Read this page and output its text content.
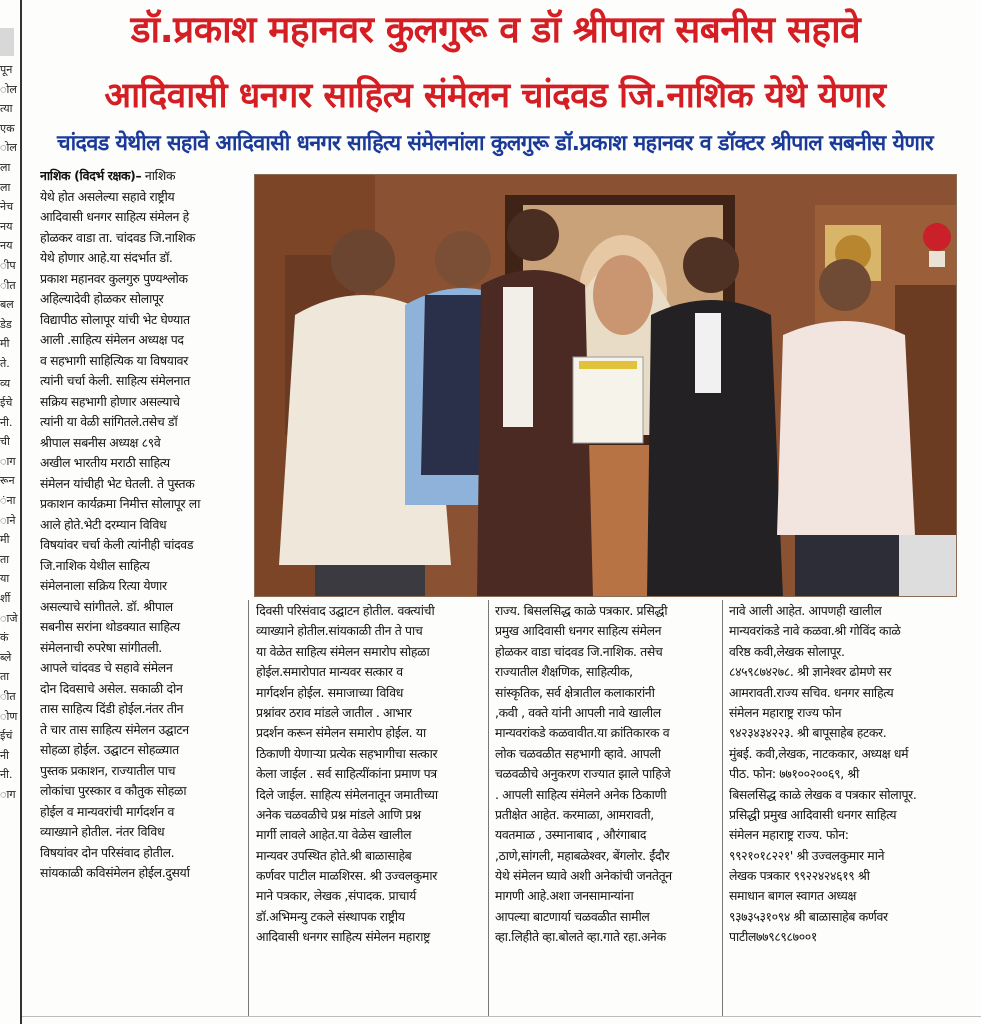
पून
ोल
त्या
एक
ोल
ला
ला
नेच
नय
नय
ीप
ीत
बल
डेड
मी
ते.
व्य
ईचे
नी.
ची
ाग
रून
ंना
ाने
मी
ता
या
र्शी
ाजे
कं
ब्ले
ता
ीत
ोण
ईचं
नी
नी.
ाग
डॉ.प्रकाश महानवर कुलगुरू व डॉ श्रीपाल सबनीस सहावे
आदिवासी धनगर साहित्य संमेलन चांदवड जि.नाशिक येथे येणार
चांदवड येथील सहावे आदिवासी धनगर साहित्य संमेलनांला कुलगुरू डॉ.प्रकाश महानवर व डॉक्टर श्रीपाल सबनीस येणार
नाशिक (विदर्भ रक्षक)– नाशिक
येथे होत असलेल्या सहावे राष्ट्रीय
आदिवासी धनगर साहित्य संमेलन हे
होळकर वाडा ता. चांदवड जि.नाशिक
येथे होणार आहे.या संदर्भात डॉ.
प्रकाश महानवर कुलगुरु पुण्यश्लोक
अहिल्यादेवी होळकर सोलापूर
विद्यापीठ सोलापूर यांची भेट घेण्यात
आली .साहित्य संमेलन अध्यक्ष पद
व सहभागी साहित्यिक या विषयावर
त्यांनी चर्चा केली. साहित्य संमेलनात
सक्रिय सहभागी होणार असल्याचे
त्यांनी या वेळी सांगितले.तसेच डॉ
श्रीपाल सबनीस अध्यक्ष ८९वे
अखील भारतीय मराठी साहित्य
संमेलन यांचीही भेट घेतली. ते पुस्तक
प्रकाशन कार्यक्रमा निमीत्त सोलापूर ला
आले होते.भेटी दरम्यान विविध
विषयांवर चर्चा केली त्यांनीही चांदवड
जि.नाशिक येथील साहित्य
संमेलनाला सक्रिय रित्या येणार
असल्याचे सांगीतले. डॉ. श्रीपाल
सबनीस सरांना थोडक्यात साहित्य
संमेलनाची रुपरेषा सांगीतली.
आपले चांदवड चे सहावे संमेलन
दोन दिवसाचे असेल. सकाळी दोन
तास साहित्य दिंडी होईल.नंतर तीन
ते चार तास साहित्य संमेलन उद्घाटन
सोहळा होईल. उद्घाटन सोहळ्यात
पुस्तक प्रकाशन, राज्यातील पाच
लोकांचा पुरस्कार व कौतुक सोहळा
होईल व मान्यवरांची मार्गदर्शन व
व्याख्याने होतील. नंतर विविध
विषयांवर दोन परिसंवाद होतील.
सांयकाळी कविसंमेलन होईल.दुसर्या
दिवसी परिसंवाद उद्घाटन होतील. वक्त्यांची
व्याख्याने होतील.सांयकाळी तीन ते पाच
या वेळेत साहित्य संमेलन समारोप सोहळा
होईल.समारोपात मान्यवर सत्कार व
मार्गदर्शन होईल. समाजाच्या विविध
प्रश्नांवर ठराव मांडले जातील . आभार
प्रदर्शन करून संमेलन समारोप होईल. या
ठिकाणी येणाऱ्या प्रत्येक सहभागीचा सत्कार
केला जाईल . सर्व साहित्यींकांना प्रमाण पत्र
दिले जाईल. साहित्य संमेलनातून जमातीच्या
अनेक चळवळीचे प्रश्न मांडले आणि प्रश्न
मार्गी लावले आहेत.या वेळेस खालील
मान्यवर उपस्थित होते.श्री बाळासाहेब
कर्णवर पाटील माळशिरस. श्री उज्वलकुमार
माने पत्रकार, लेखक ,संपादक. प्राचार्य
डॉ.अभिमन्यु टकले संस्थापक राष्ट्रीय
आदिवासी धनगर साहित्य संमेलन महाराष्ट्र
राज्य. बिसलसिद्ध काळे पत्रकार. प्रसिद्धी
प्रमुख आदिवासी धनगर साहित्य संमेलन
होळकर वाडा चांदवड जि.नाशिक. तसेच
राज्यातील शैक्षणिक, साहित्यीक,
सांस्कृतिक, सर्व क्षेत्रातील कलाकारांनी
,कवी , वक्ते यांनी आपली नावे खालील
मान्यवरांकडे कळवावीत.या क्रांतिकारक व
लोक चळवळीत सहभागी व्हावे. आपली
चळवळीचे अनुकरण राज्यात झाले पाहिजे
. आपली साहित्य संमेलने अनेक ठिकाणी
प्रतीक्षेत आहेत. करमाळा, आमरावती,
यवतमाळ , उस्मानाबाद , औरंगाबाद
,ठाणे,सांगली, महाबळेश्वर, बेंगलोर. ईंदौर
येथे संमेलन घ्यावे अशी अनेकांची जनतेतून
मागणी आहे.अशा जनसामान्यांना
आपल्या बाटणार्या चळवळीत सामील
व्हा.लिहीते व्हा.बोलते व्हा.गाते रहा.अनेक
नावे आली आहेत. आपणही खालील
मान्यवरांकडे नावे कळवा.श्री गोविंद काळे
वरिष्ठ कवी,लेखक सोलापूर.
८४५९८७४२७८. श्री ज्ञानेश्वर ढोमणे सर
आमरावती.राज्य सचिव. धनगर साहित्य
संमेलन महाराष्ट्र राज्य फोन
९४२३४३४२२३. श्री बापूसाहेब हटकर.
मुंबई. कवी,लेखक, नाटककार, अध्यक्ष धर्म
पीठ. फोन: ७७१००२००६९, श्री
बिसलसिद्ध काळे लेखक व पत्रकार सोलापूर.
प्रसिद्धी प्रमुख आदिवासी धनगर साहित्य
संमेलन महाराष्ट्र राज्य. फोन:
९९२१०१८२२१' श्री उज्वलकुमार माने
लेखक पत्रकार ९९२२४२४६१९ श्री
समाधान बागल स्वागत अध्यक्ष
९३७३५३१०९४ श्री बाळासाहेब कर्णवर
पाटील७७९८९८७००१
